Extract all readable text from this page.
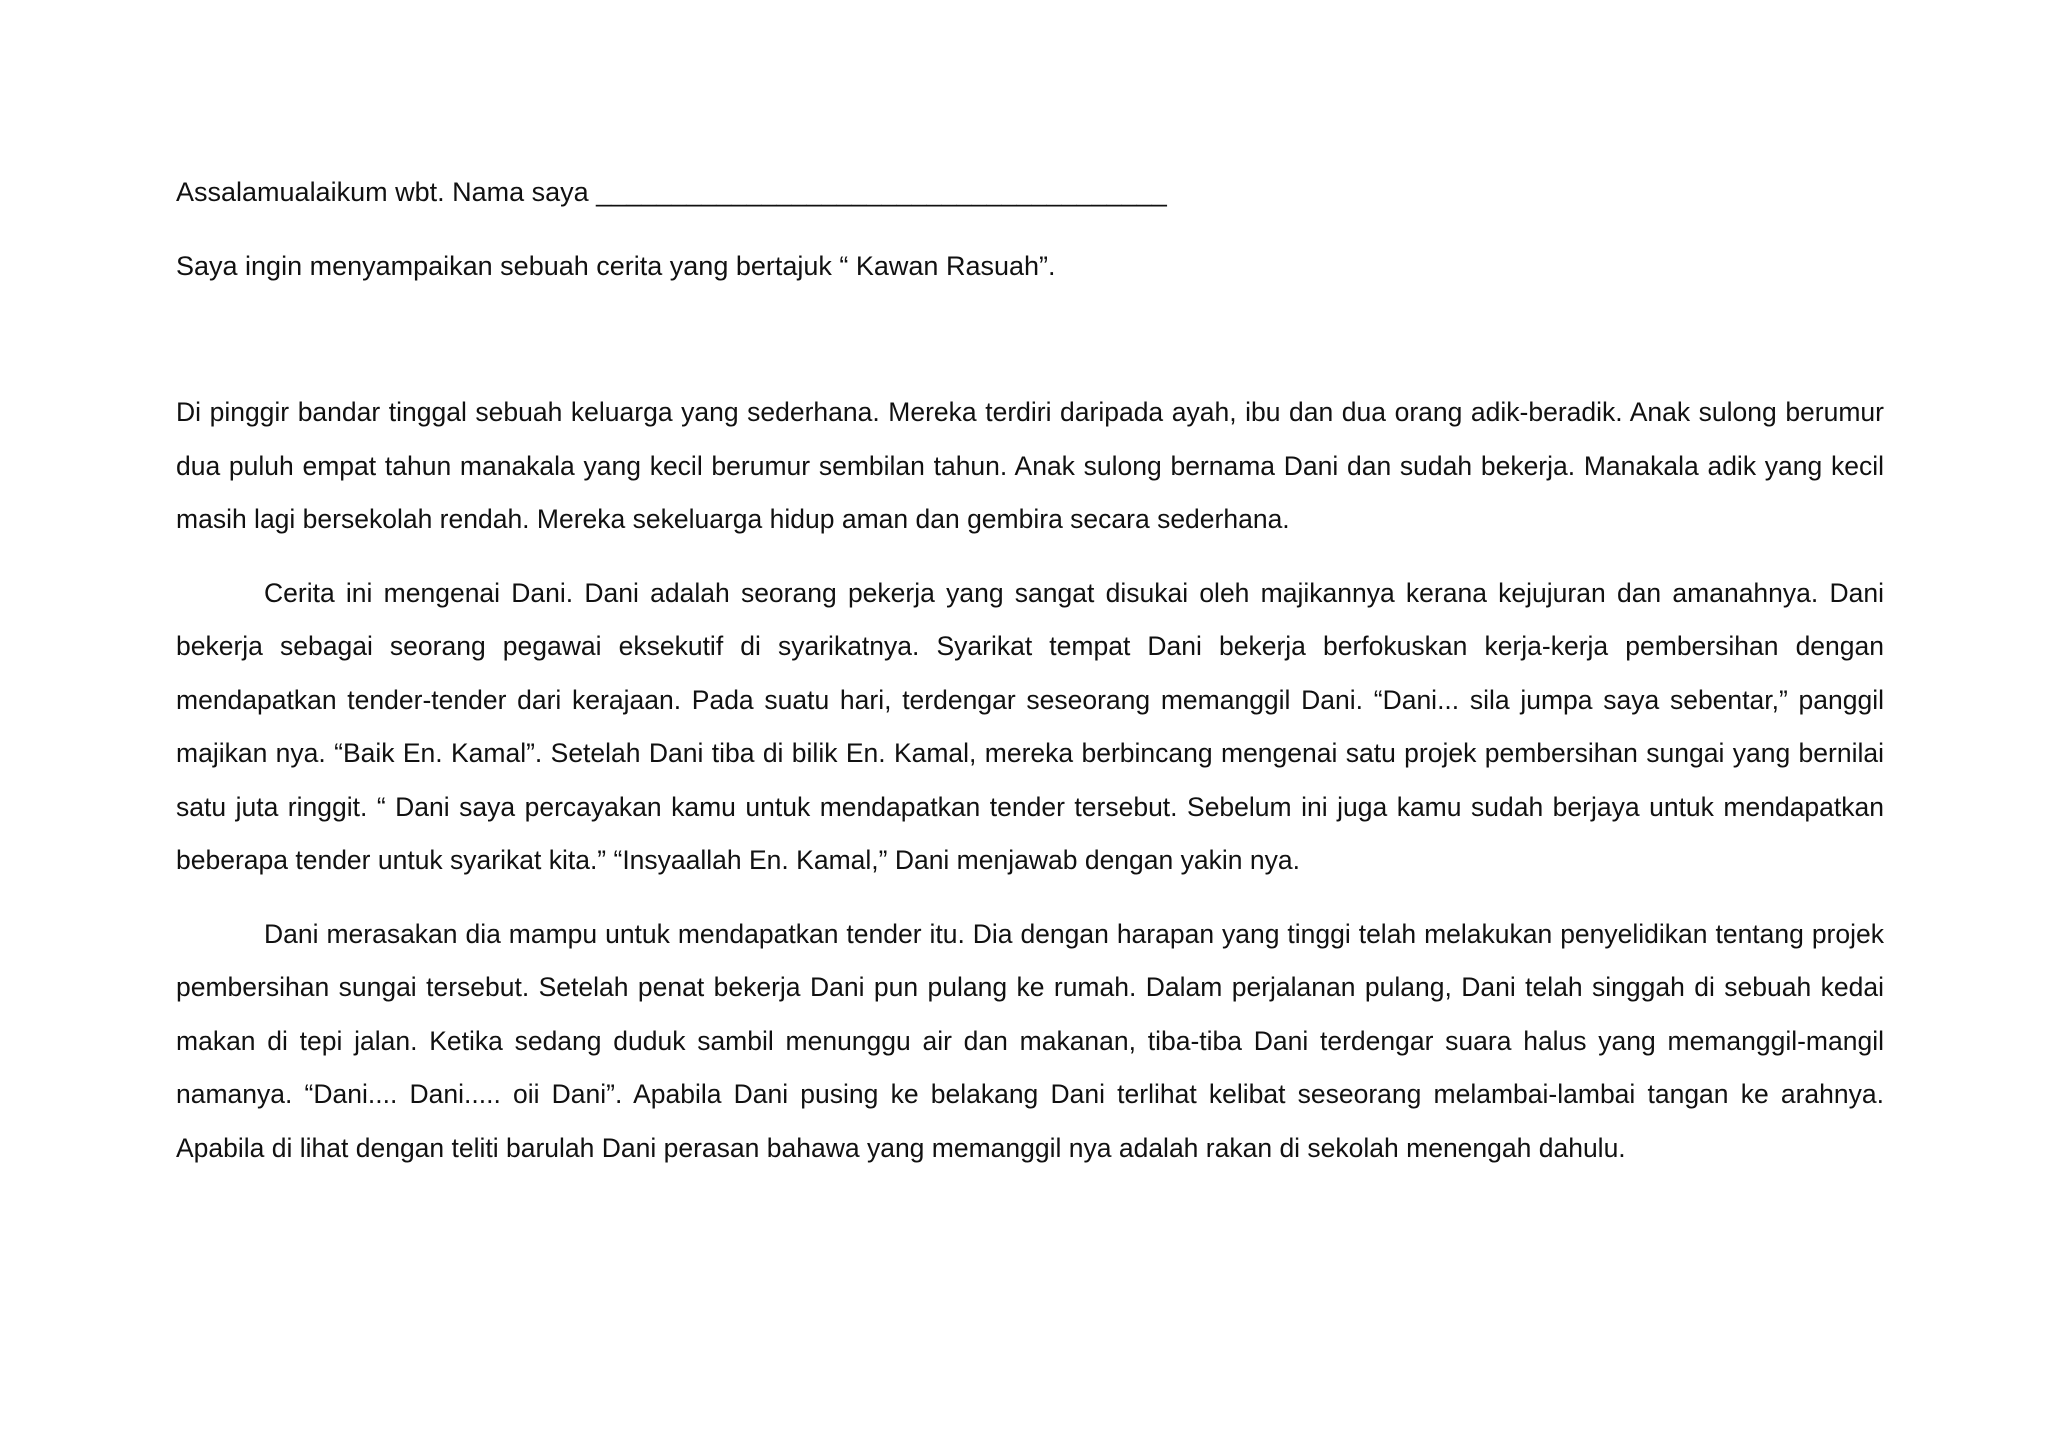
Assalamualaikum wbt. Nama saya ______________________________________

Saya ingin menyampaikan sebuah cerita yang bertajuk “ Kawan Rasuah”.

Di pinggir bandar tinggal sebuah keluarga yang sederhana. Mereka terdiri daripada ayah, ibu dan dua orang adik-beradik. Anak sulong berumur dua puluh empat tahun manakala yang kecil berumur sembilan tahun. Anak sulong bernama Dani dan sudah bekerja. Manakala adik yang kecil masih lagi bersekolah rendah. Mereka sekeluarga hidup aman dan gembira secara sederhana.

Cerita ini mengenai Dani. Dani adalah seorang pekerja yang sangat disukai oleh majikannya kerana kejujuran dan amanahnya. Dani bekerja sebagai seorang pegawai eksekutif di syarikatnya. Syarikat tempat Dani bekerja berfokuskan kerja-kerja pembersihan dengan mendapatkan tender-tender dari kerajaan. Pada suatu hari, terdengar seseorang memanggil Dani. “Dani... sila jumpa saya sebentar,” panggil majikan nya. “Baik En. Kamal”. Setelah Dani tiba di bilik En. Kamal, mereka berbincang mengenai satu projek pembersihan sungai yang bernilai satu juta ringgit. “ Dani saya percayakan kamu untuk mendapatkan tender tersebut. Sebelum ini juga kamu sudah berjaya untuk mendapatkan beberapa tender untuk syarikat kita.” “Insyaallah En. Kamal,” Dani menjawab dengan yakin nya.

Dani merasakan dia mampu untuk mendapatkan tender itu. Dia dengan harapan yang tinggi telah melakukan penyelidikan tentang projek pembersihan sungai tersebut. Setelah penat bekerja Dani pun pulang ke rumah. Dalam perjalanan pulang, Dani telah singgah di sebuah kedai makan di tepi jalan. Ketika sedang duduk sambil menunggu air dan makanan, tiba-tiba Dani terdengar suara halus yang memanggil-mangil namanya. “Dani.... Dani..... oii Dani”. Apabila Dani pusing ke belakang Dani terlihat kelibat seseorang melambai-lambai tangan ke arahnya. Apabila di lihat dengan teliti barulah Dani perasan bahawa yang memanggil nya adalah rakan di sekolah menengah dahulu.
